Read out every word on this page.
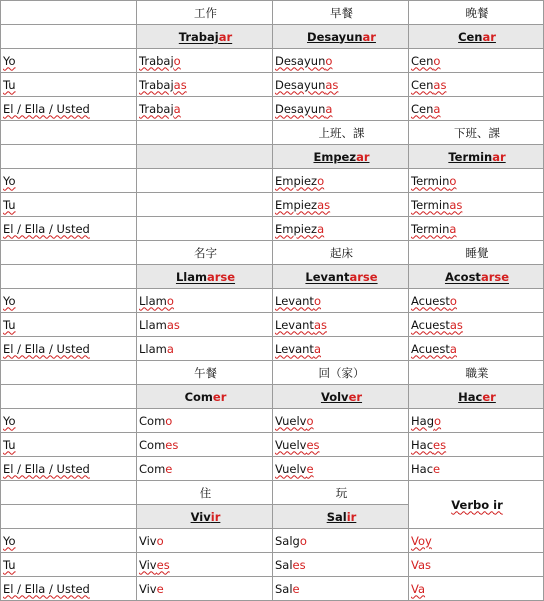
	工作	早餐	晚餐
	Trabajar	Desayunar	Cenar
Yo	Trabajo	Desayuno	Ceno
Tu	Trabajas	Desayunas	Cenas
El / Ella / Usted	Trabaja	Desayuna	Cena
		上班、課	下班、課
		Empezar	Terminar
Yo		Empiezo	Termino
Tu		Empiezas	Terminas
El / Ella / Usted		Empieza	Termina
	名字	起床	睡覺
	Llamarse	Levantarse	Acostarse
Yo	Llamo	Levanto	Acuesto
Tu	Llamas	Levantas	Acuestas
El / Ella / Usted	Llama	Levanta	Acuesta
	午餐	回（家）	職業
	Comer	Volver	Hacer
Yo	Como	Vuelvo	Hago
Tu	Comes	Vuelves	Haces
El / Ella / Usted	Come	Vuelve	Hace
	住	玩	Verbo ir
	Vivir	Salir	
Yo	Vivo	Salgo	Voy
Tu	Vives	Sales	Vas
El / Ella / Usted	Vive	Sale	Va
